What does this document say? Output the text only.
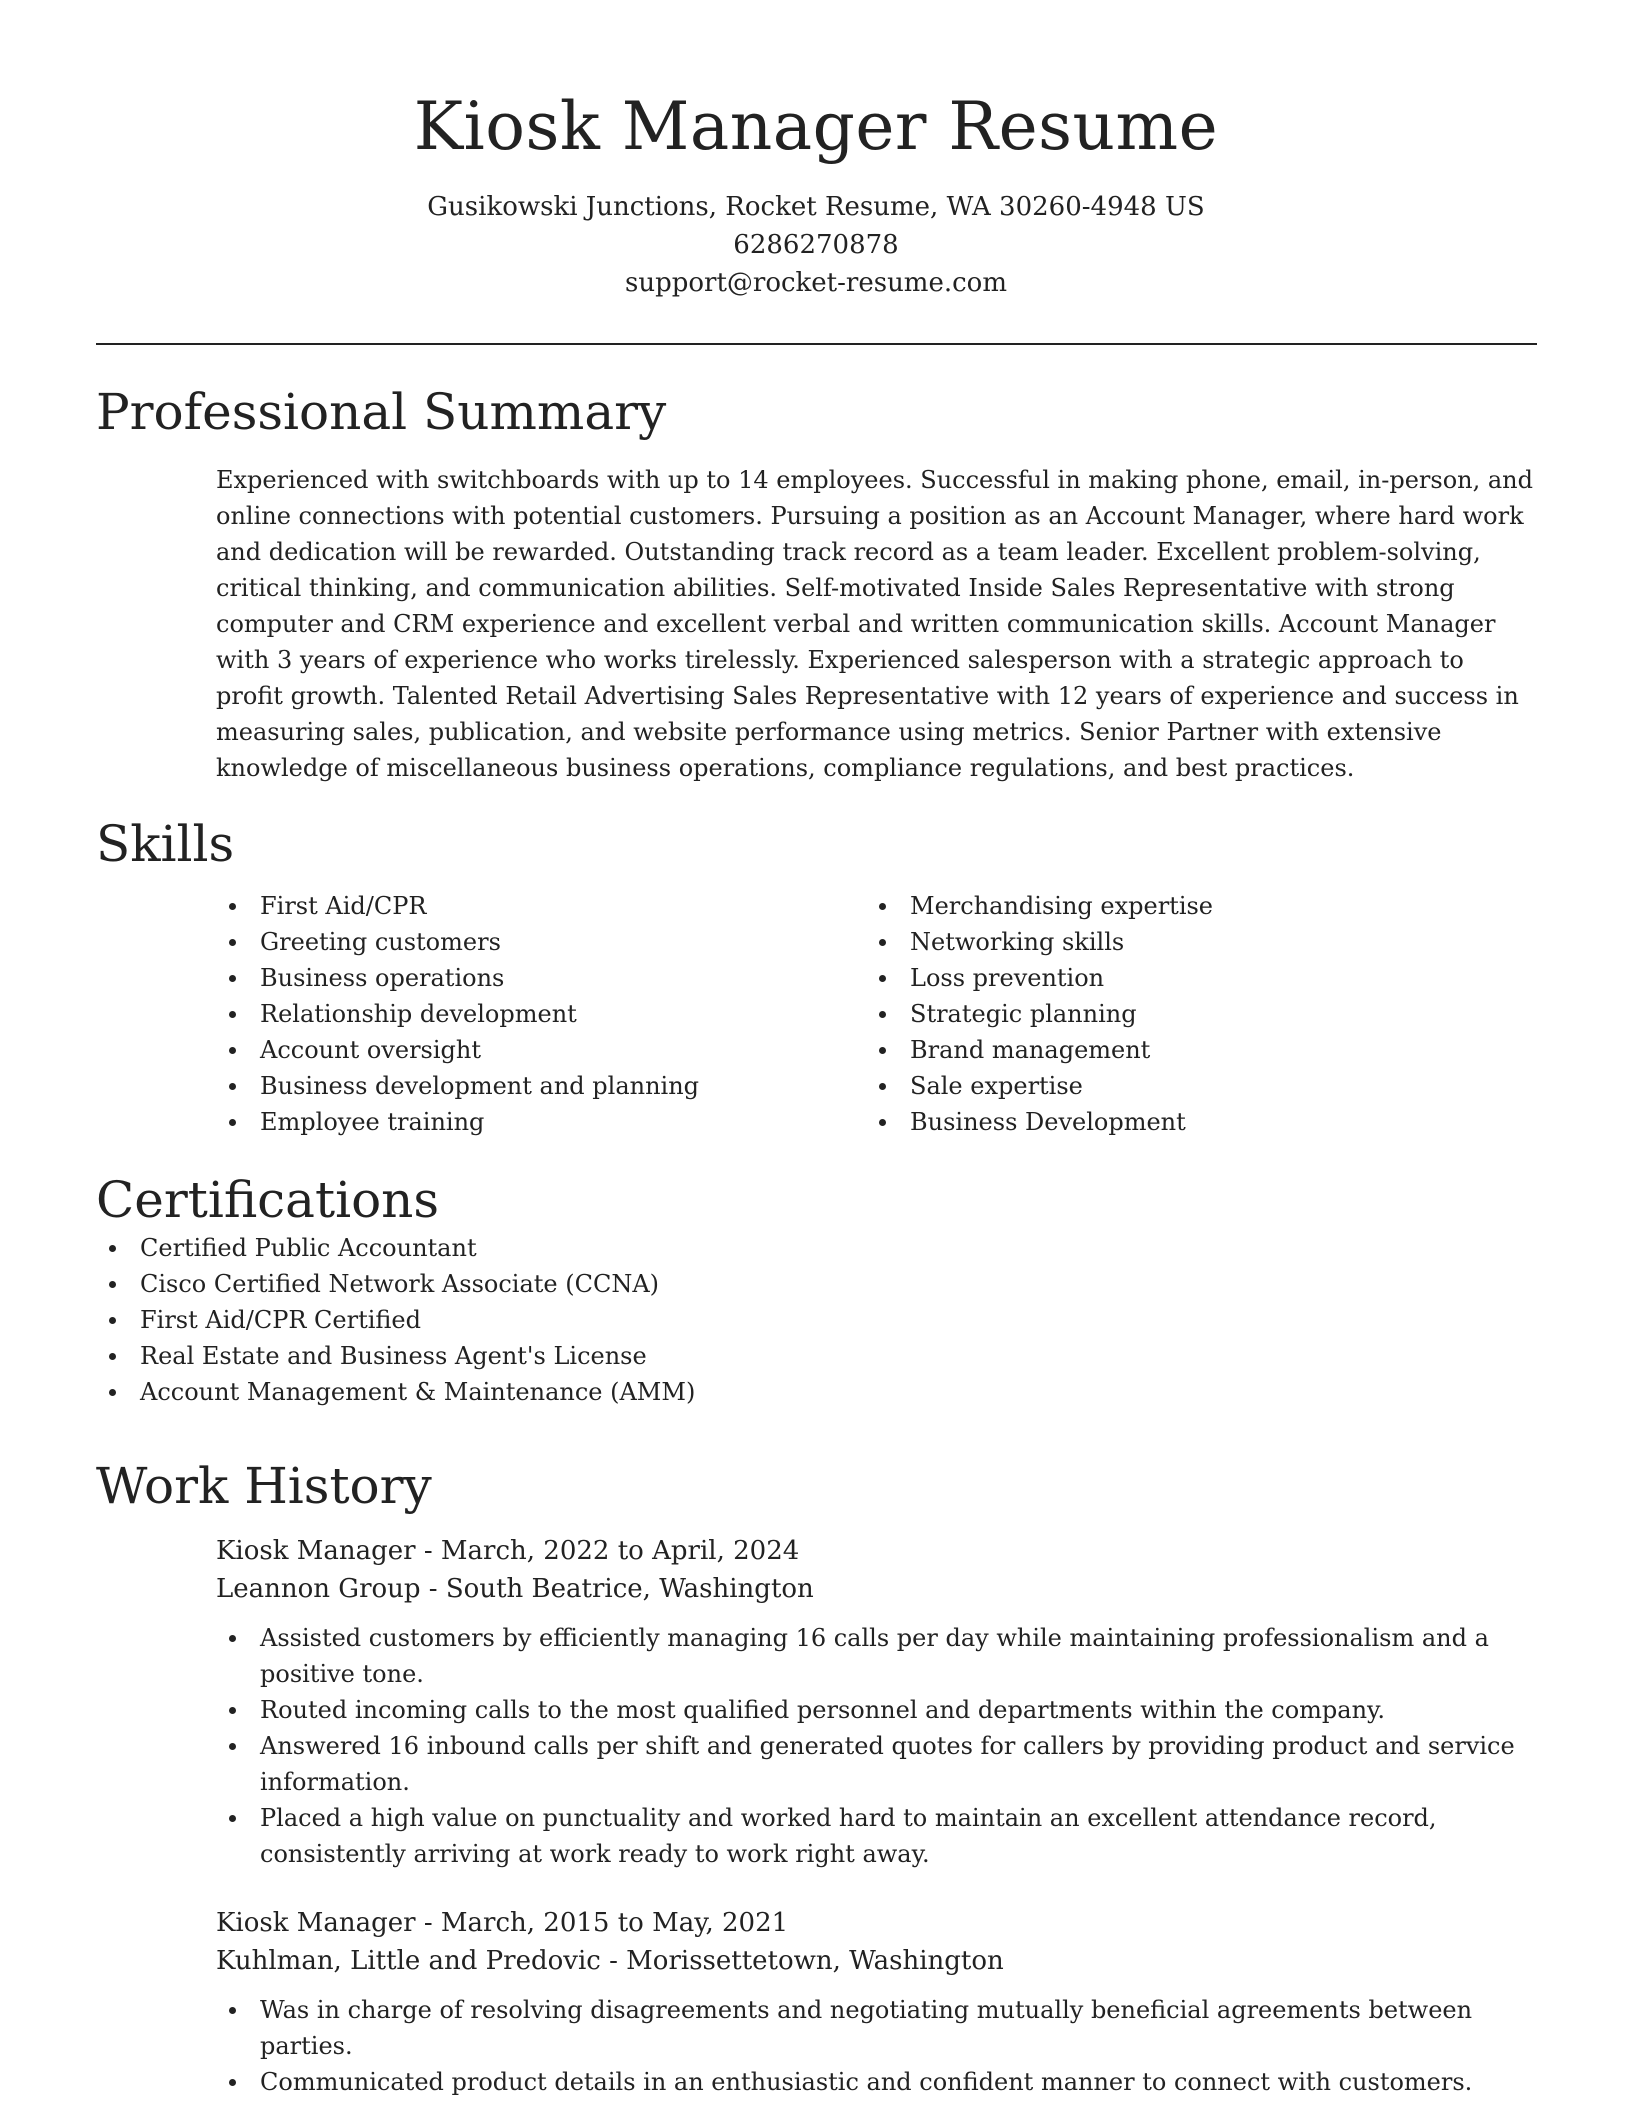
Kiosk Manager Resume
Gusikowski Junctions, Rocket Resume, WA 30260-4948 US
6286270878
support@rocket-resume.com
Professional Summary
Experienced with switchboards with up to 14 employees. Successful in making phone, email, in-person, and online connections with potential customers. Pursuing a position as an Account Manager, where hard work and dedication will be rewarded. Outstanding track record as a team leader. Excellent problem-solving, critical thinking, and communication abilities. Self-motivated Inside Sales Representative with strong computer and CRM experience and excellent verbal and written communication skills. Account Manager with 3 years of experience who works tirelessly. Experienced salesperson with a strategic approach to profit growth. Talented Retail Advertising Sales Representative with 12 years of experience and success in measuring sales, publication, and website performance using metrics. Senior Partner with extensive knowledge of miscellaneous business operations, compliance regulations, and best practices.
Skills
First Aid/CPR
Greeting customers
Business operations
Relationship development
Account oversight
Business development and planning
Employee training
Merchandising expertise
Networking skills
Loss prevention
Strategic planning
Brand management
Sale expertise
Business Development
Certifications
Certified Public Accountant
Cisco Certified Network Associate (CCNA)
First Aid/CPR Certified
Real Estate and Business Agent's License
Account Management & Maintenance (AMM)
Work History
Kiosk Manager - March, 2022 to April, 2024
Leannon Group - South Beatrice, Washington
Assisted customers by efficiently managing 16 calls per day while maintaining professionalism and a positive tone.
Routed incoming calls to the most qualified personnel and departments within the company.
Answered 16 inbound calls per shift and generated quotes for callers by providing product and service information.
Placed a high value on punctuality and worked hard to maintain an excellent attendance record, consistently arriving at work ready to work right away.
Kiosk Manager - March, 2015 to May, 2021
Kuhlman, Little and Predovic - Morissettetown, Washington
Was in charge of resolving disagreements and negotiating mutually beneficial agreements between parties.
Communicated product details in an enthusiastic and confident manner to connect with customers.
